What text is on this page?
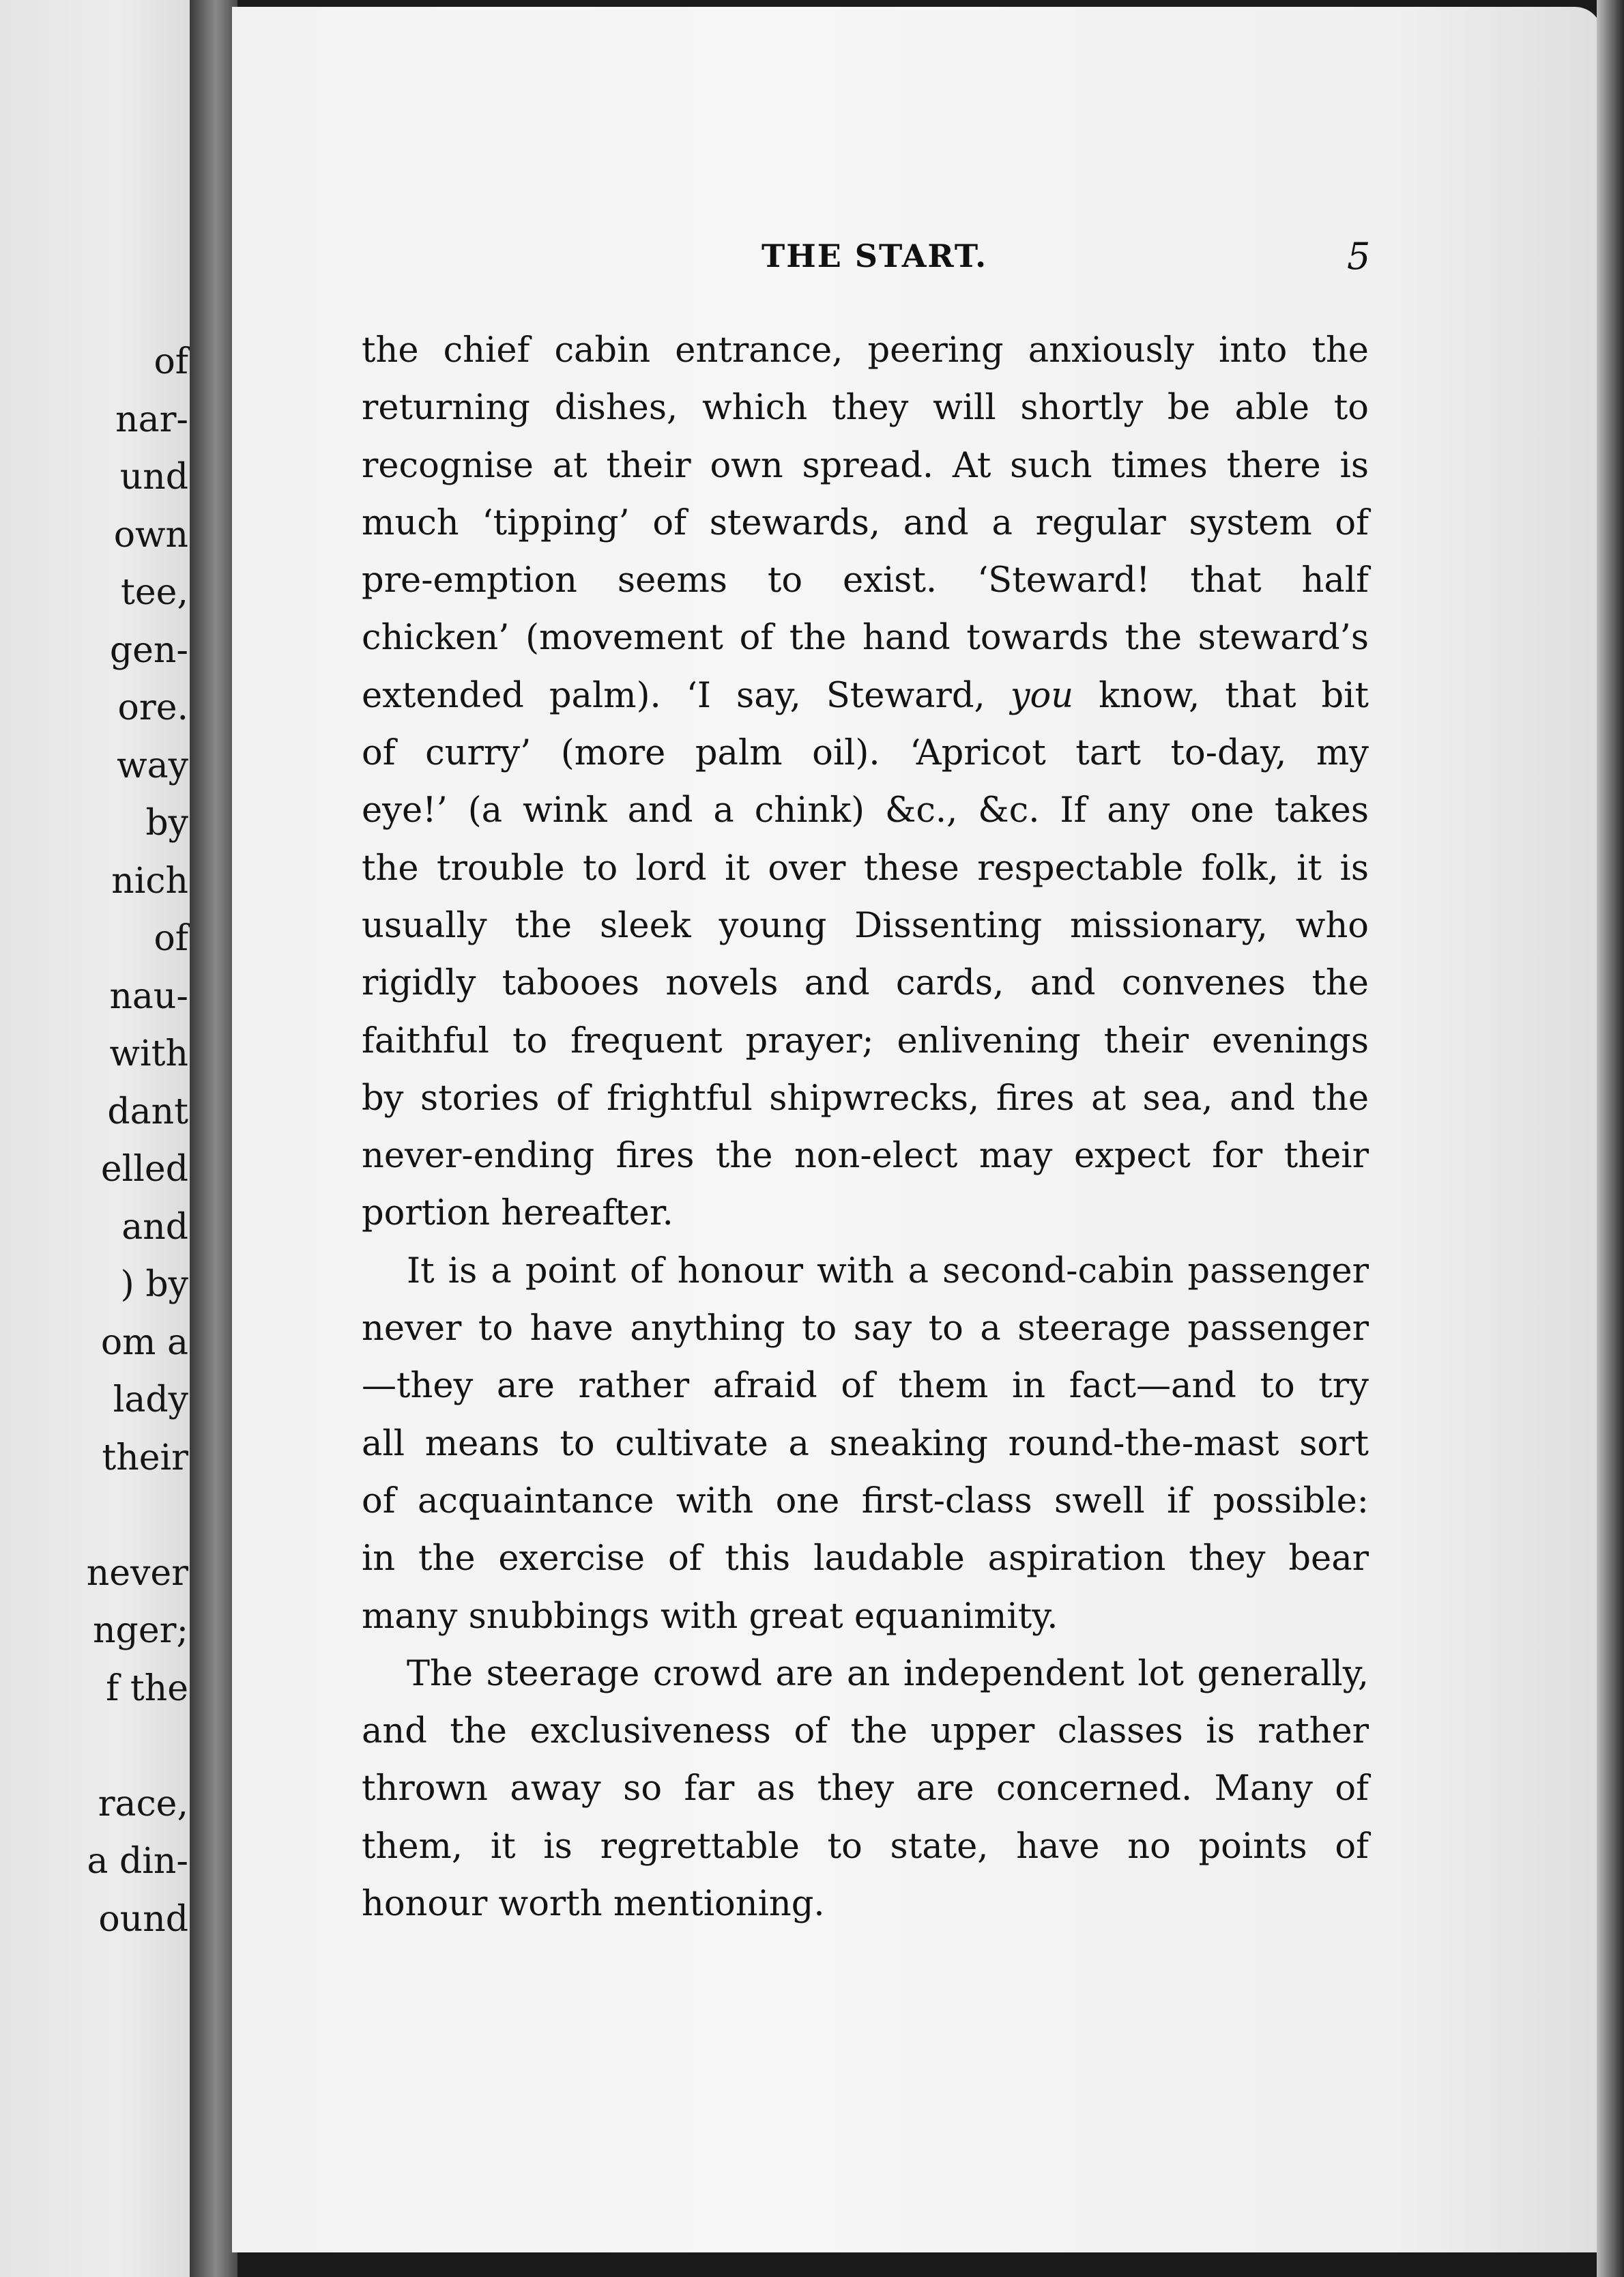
of
nar-
und
own
tee,
gen-
ore.
way
by
nich
of
nau-
with
dant
elled
and
) by
om a
lady
their
never
nger;
f the
race,
a din-
ound
THE START.	5
the chief cabin entrance, peering anxiously into the
returning dishes, which they will shortly be able to
recognise at their own spread. At such times there is
much ‘tipping’ of stewards, and a regular system of
pre-emption seems to exist. ‘Steward! that half
chicken’ (movement of the hand towards the steward’s
extended palm). ‘I say, Steward, you know, that bit
of curry’ (more palm oil). ‘Apricot tart to-day, my
eye!’ (a wink and a chink) &c., &c. If any one takes
the trouble to lord it over these respectable folk, it is
usually the sleek young Dissenting missionary, who
rigidly tabooes novels and cards, and convenes the
faithful to frequent prayer; enlivening their evenings
by stories of frightful shipwrecks, fires at sea, and the
never-ending fires the non-elect may expect for their
portion hereafter.
It is a point of honour with a second-cabin passenger
never to have anything to say to a steerage passenger
—they are rather afraid of them in fact—and to try
all means to cultivate a sneaking round-the-mast sort
of acquaintance with one first-class swell if possible:
in the exercise of this laudable aspiration they bear
many snubbings with great equanimity.
The steerage crowd are an independent lot generally,
and the exclusiveness of the upper classes is rather
thrown away so far as they are concerned. Many of
them, it is regrettable to state, have no points of
honour worth mentioning.
